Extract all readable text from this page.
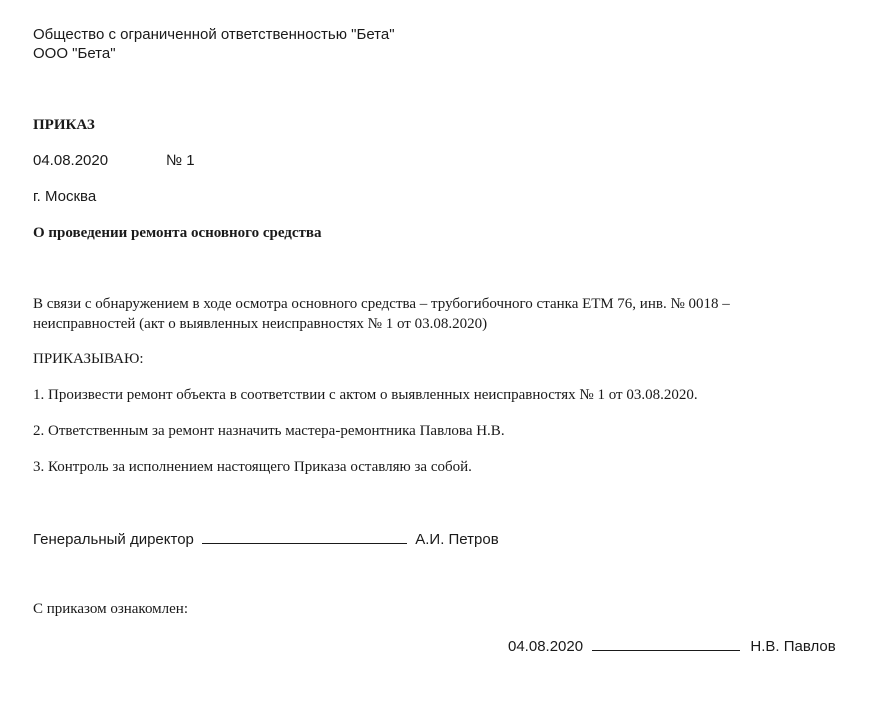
Общество с ограниченной ответственностью "Бета"
ООО "Бета"
ПРИКАЗ
04.08.2020	№ 1
г. Москва
О проведении ремонта основного средства
В связи с обнаружением в ходе осмотра основного средства – трубогибочного станка ЕТМ 76, инв. № 0018 –
неисправностей (акт о выявленных неисправностях № 1 от 03.08.2020)
ПРИКАЗЫВАЮ:
1. Произвести ремонт объекта в соответствии с актом о выявленных неисправностях № 1 от 03.08.2020.
2. Ответственным за ремонт назначить мастера-ремонтника Павлова Н.В.
3. Контроль за исполнением настоящего Приказа оставляю за собой.
Генеральный директор	А.И. Петров
С приказом ознакомлен:
04.08.2020	Н.В. Павлов
